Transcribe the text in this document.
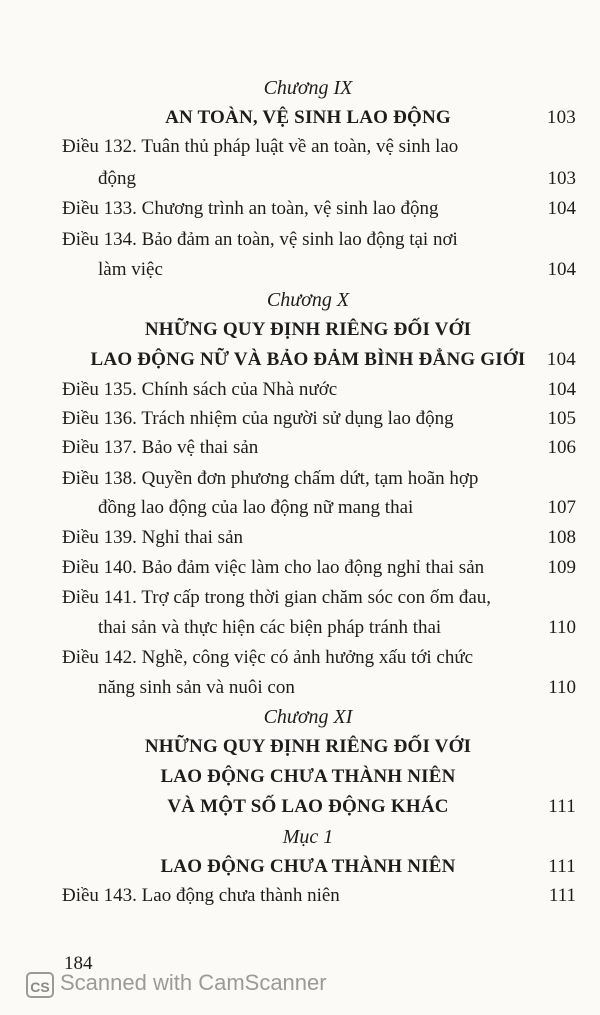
Chương IX
AN TOÀN, VỆ SINH LAO ĐỘNG	103
Điều 132. Tuân thủ pháp luật về an toàn, vệ sinh lao
động	103
Điều 133. Chương trình an toàn, vệ sinh lao động	104
Điều 134. Bảo đảm an toàn, vệ sinh lao động tại nơi
làm việc	104
Chương X
NHỮNG QUY ĐỊNH RIÊNG ĐỐI VỚI
LAO ĐỘNG NỮ VÀ BẢO ĐẢM BÌNH ĐẲNG GIỚI 104
Điều 135. Chính sách của Nhà nước	104
Điều 136. Trách nhiệm của người sử dụng lao động	105
Điều 137. Bảo vệ thai sản	106
Điều 138. Quyền đơn phương chấm dứt, tạm hoãn hợp
đồng lao động của lao động nữ mang thai	107
Điều 139. Nghỉ thai sản	108
Điều 140. Bảo đảm việc làm cho lao động nghỉ thai sản	109
Điều 141. Trợ cấp trong thời gian chăm sóc con ốm đau,
thai sản và thực hiện các biện pháp tránh thai	110
Điều 142. Nghề, công việc có ảnh hưởng xấu tới chức
năng sinh sản và nuôi con	110
Chương XI
NHỮNG QUY ĐỊNH RIÊNG ĐỐI VỚI
LAO ĐỘNG CHƯA THÀNH NIÊN
VÀ MỘT SỐ LAO ĐỘNG KHÁC	111
Mục 1
LAO ĐỘNG CHƯA THÀNH NIÊN	111
Điều 143. Lao động chưa thành niên	111
184
CS Scanned with CamScanner
